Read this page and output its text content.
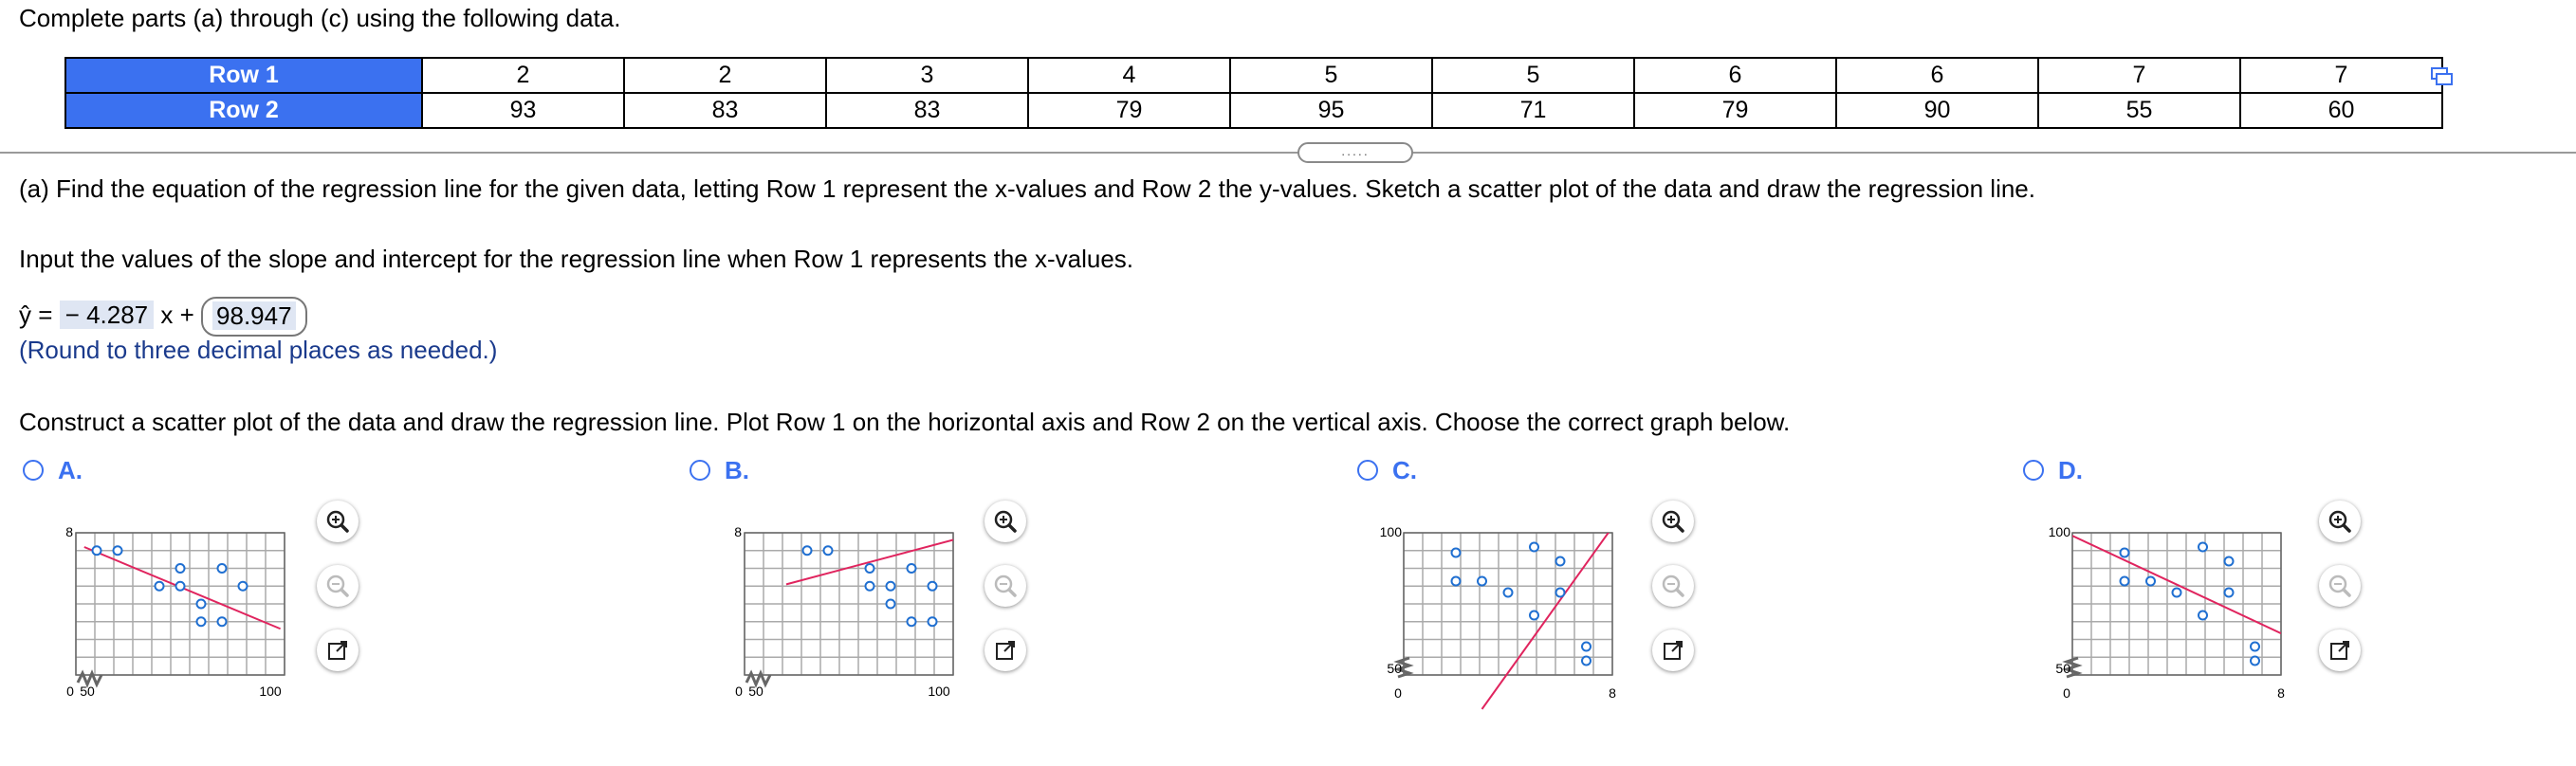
Complete parts (a) through (c) using the following data.
Row 1	2	2	3	4	5	5	6	6	7	7
Row 2	93	83	83	79	95	71	79	90	55	60
.....
(a) Find the equation of the regression line for the given data, letting Row 1 represent the x-values and Row 2 the y-values. Sketch a scatter plot of the data and draw the regression line.
Input the values of the slope and intercept for the regression line when Row 1 represents the x-values.
ŷ = − 4.287 x + 98.947
(Round to three decimal places as needed.)
Construct a scatter plot of the data and draw the regression line. Plot Row 1 on the horizontal axis and Row 2 on the vertical axis. Choose the correct graph below.
A.	B.	C.	D.
0 50	100
8
0 50	100
8
0	8
100
50
0	8
100
50
